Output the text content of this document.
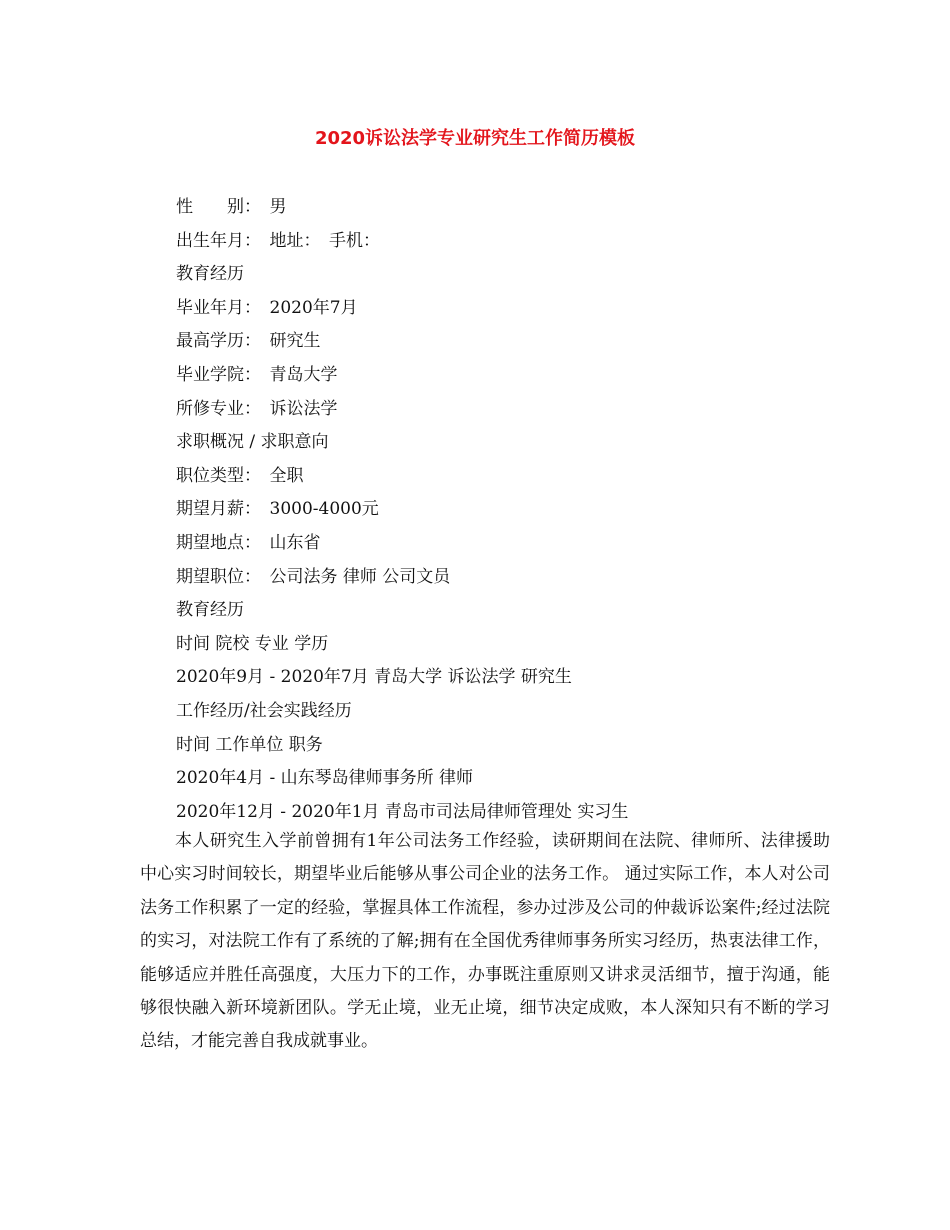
2020诉讼法学专业研究生工作简历模板
性　　别：　男
出生年月：　地址：　手机：
教育经历
毕业年月：　2020年7月
最高学历：　研究生
毕业学院：　青岛大学
所修专业：　诉讼法学
求职概况 / 求职意向
职位类型：　全职
期望月薪：　3000-4000元
期望地点：　山东省
期望职位：　公司法务 律师 公司文员
教育经历
时间 院校 专业 学历
2020年9月 - 2020年7月 青岛大学 诉讼法学 研究生
工作经历/社会实践经历
时间 工作单位 职务
2020年4月 - 山东琴岛律师事务所 律师
2020年12月 - 2020年1月 青岛市司法局律师管理处 实习生

本人研究生入学前曾拥有1年公司法务工作经验，读研期间在法院、律师所、法律援助中心实习时间较长，期望毕业后能够从事公司企业的法务工作。 通过实际工作，本人对公司法务工作积累了一定的经验，掌握具体工作流程，参办过涉及公司的仲裁诉讼案件;经过法院的实习，对法院工作有了系统的了解;拥有在全国优秀律师事务所实习经历，热衷法律工作，能够适应并胜任高强度，大压力下的工作，办事既注重原则又讲求灵活细节，擅于沟通，能够很快融入新环境新团队。学无止境，业无止境，细节决定成败，本人深知只有不断的学习总结，才能完善自我成就事业。
